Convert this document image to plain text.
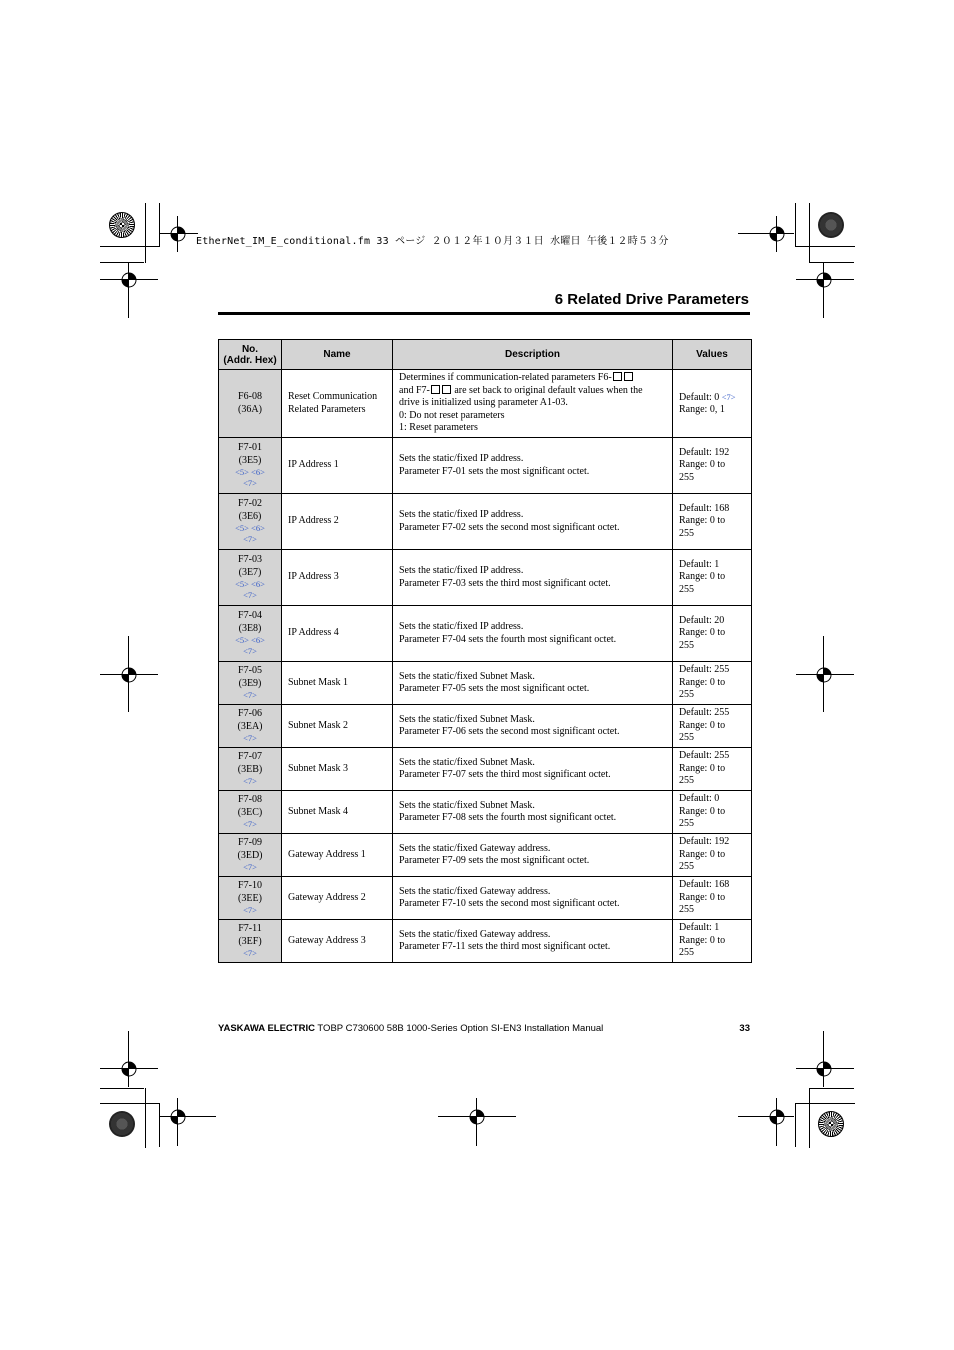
EtherNet_IM_E_conditional.fm 33 ページ ２０１２年１０月３１日 水曜日 午後１２時５３分
6 Related Drive Parameters
No.
(Addr. Hex)	Name	Description	Values

F6-08
(36A)	Reset Communication
Related Parameters	Determines if communication-related parameters F6-
and F7- are set back to original default values when the
drive is initialized using parameter A1-03.
0: Do not reset parameters
1: Reset parameters	Default: 0 <7>
Range: 0, 1

F7-01
(3E5)
<5> <6>
<7>	IP Address 1	Sets the static/fixed IP address.
Parameter F7-01 sets the most significant octet.	Default: 192
Range: 0 to
255

F7-02
(3E6)
<5> <6>
<7>	IP Address 2	Sets the static/fixed IP address.
Parameter F7-02 sets the second most significant octet.	Default: 168
Range: 0 to
255

F7-03
(3E7)
<5> <6>
<7>	IP Address 3	Sets the static/fixed IP address.
Parameter F7-03 sets the third most significant octet.	Default: 1
Range: 0 to
255

F7-04
(3E8)
<5> <6>
<7>	IP Address 4	Sets the static/fixed IP address.
Parameter F7-04 sets the fourth most significant octet.	Default: 20
Range: 0 to
255

F7-05
(3E9)
<7>	Subnet Mask 1	Sets the static/fixed Subnet Mask.
Parameter F7-05 sets the most significant octet.	Default: 255
Range: 0 to
255

F7-06
(3EA)
<7>	Subnet Mask 2	Sets the static/fixed Subnet Mask.
Parameter F7-06 sets the second most significant octet.	Default: 255
Range: 0 to
255

F7-07
(3EB)
<7>	Subnet Mask 3	Sets the static/fixed Subnet Mask.
Parameter F7-07 sets the third most significant octet.	Default: 255
Range: 0 to
255

F7-08
(3EC)
<7>	Subnet Mask 4	Sets the static/fixed Subnet Mask.
Parameter F7-08 sets the fourth most significant octet.	Default: 0
Range: 0 to
255

F7-09
(3ED)
<7>	Gateway Address 1	Sets the static/fixed Gateway address.
Parameter F7-09 sets the most significant octet.	Default: 192
Range: 0 to
255

F7-10
(3EE)
<7>	Gateway Address 2	Sets the static/fixed Gateway address.
Parameter F7-10 sets the second most significant octet.	Default: 168
Range: 0 to
255

F7-11
(3EF)
<7>	Gateway Address 3	Sets the static/fixed Gateway address.
Parameter F7-11 sets the third most significant octet.	Default: 1
Range: 0 to
255
YASKAWA ELECTRIC TOBP C730600 58B 1000-Series Option SI-EN3 Installation Manual	33
